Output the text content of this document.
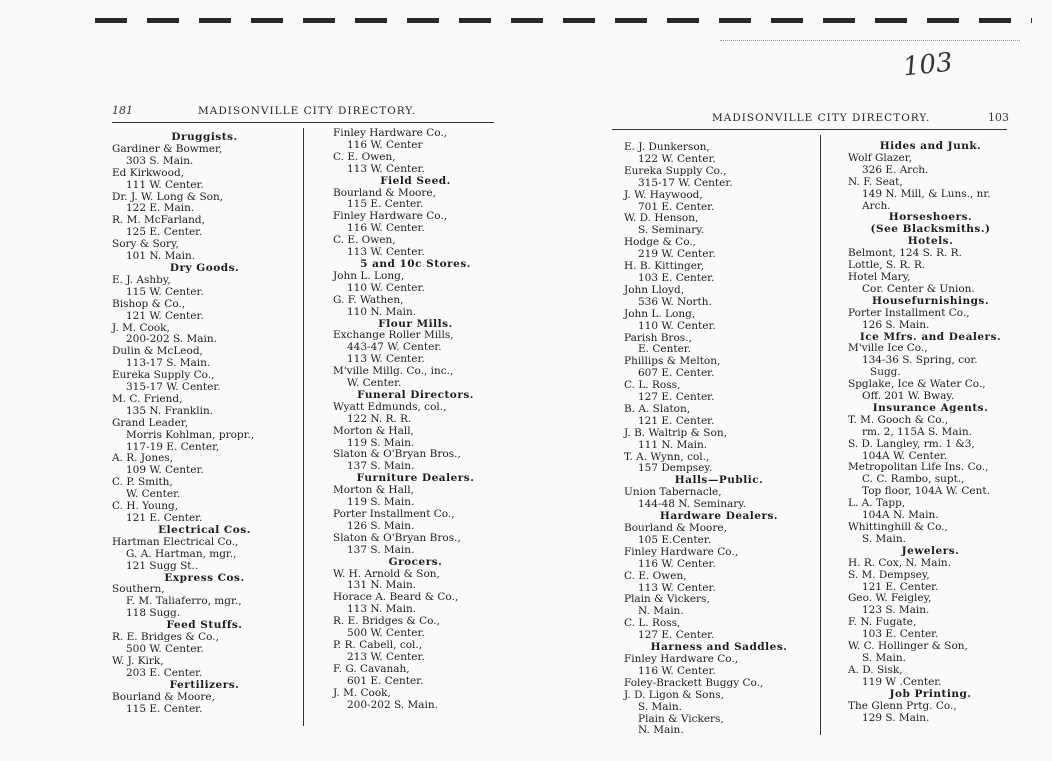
103
181	MADISONVILLE CITY DIRECTORY.
Druggists.
Gardiner & Bowmer,
303 S. Main.
Ed Kirkwood,
111 W. Center.
Dr. J. W. Long & Son,
122 E. Main.
R. M. McFarland,
125 E. Center.
Sory & Sory,
101 N. Main.
Dry Goods.
E. J. Ashby,
115 W. Center.
Bishop & Co.,
121 W. Center.
J. M. Cook,
200-202 S. Main.
Dulin & McLeod,
113-17 S. Main.
Eureka Supply Co.,
315-17 W. Center.
M. C. Friend,
135 N. Franklin.
Grand Leader,
Morris Kohlman, propr.,
117-19 E. Center,
A. R. Jones,
109 W. Center.
C. P. Smith,
W. Center.
C. H. Young,
121 E. Center.
Electrical Cos.
Hartman Electrical Co.,
G. A. Hartman, mgr.,
121 Sugg St..
Express Cos.
Southern,
F. M. Taliaferro, mgr.,
118 Sugg.
Feed Stuffs.
R. E. Bridges & Co.,
500 W. Center.
W. J. Kirk,
203 E. Center.
Fertilizers.
Bourland & Moore,
115 E. Center.
Finley Hardware Co.,
116 W. Center
C. E. Owen,
113 W. Center.
Field Seed.
Bourland & Moore,
115 E. Center.
Finley Hardware Co.,
116 W. Center.
C. E. Owen,
113 W. Center.
5 and 10c Stores.
John L. Long,
110 W. Center.
G. F. Wathen,
110 N. Main.
Flour Mills.
Exchange Roller Mills,
443-47 W. Center.
113 W. Center.
M'ville Millg. Co., inc.,
W. Center.
Funeral Directors.
Wyatt Edmunds, col.,
122 N. R. R.
Morton & Hall,
119 S. Main.
Slaton & O'Bryan Bros.,
137 S. Main.
Furniture Dealers.
Morton & Hall,
119 S. Main.
Porter Installment Co.,
126 S. Main.
Slaton & O'Bryan Bros.,
137 S. Main.
Grocers.
W. H. Arnold & Son,
131 N. Main.
Horace A. Beard & Co.,
113 N. Main.
R. E. Bridges & Co.,
500 W. Center.
P. R. Cabell, col.,
213 W. Center.
F. G. Cavanah,
601 E. Center.
J. M. Cook,
200-202 S. Main.
MADISONVILLE CITY DIRECTORY.	103
E. J. Dunkerson,
122 W. Center.
Eureka Supply Co.,
315-17 W. Center.
J. W. Haywood,
701 E. Center.
W. D. Henson,
S. Seminary.
Hodge & Co.,
219 W. Center.
H. B. Kittinger,
103 E. Center.
John Lloyd,
536 W. North.
John L. Long,
110 W. Center.
Parish Bros.,
E. Center.
Phillips & Melton,
607 E. Center.
C. L. Ross,
127 E. Center.
B. A. Slaton,
121 E. Center.
J. B. Waltrip & Son,
111 N. Main.
T. A. Wynn, col.,
157 Dempsey.
Halls—Public.
Union Tabernacle,
144-48 N. Seminary.
Hardware Dealers.
Bourland & Moore,
105 E.Center.
Finley Hardware Co.,
116 W. Center.
C. E. Owen,
113 W. Center.
Plain & Vickers,
N. Main.
C. L. Ross,
127 E. Center.
Harness and Saddles.
Finley Hardware Co.,
116 W. Center.
Foley-Brackett Buggy Co.,
J. D. Ligon & Sons,
S. Main.
Plain & Vickers,
N. Main.
Hides and Junk.
Wolf Glazer,
326 E. Arch.
N. F. Seat,
149 N. Mill, & Luns., nr.
Arch.
Horseshoers.
(See Blacksmiths.)
Hotels.
Belmont, 124 S. R. R.
Lottle, S. R. R.
Hotel Mary,
Cor. Center & Union.
Housefurnishings.
Porter Installment Co.,
126 S. Main.
Ice Mfrs. and Dealers.
M'ville Ice Co.,
134-36 S. Spring, cor.
Sugg.
Spglake, Ice & Water Co.,
Off. 201 W. Bway.
Insurance Agents.
T. M. Gooch & Co.,
rm. 2, 115A S. Main.
S. D. Langley, rm. 1 &3,
104A W. Center.
Metropolitan Life Ins. Co.,
C. C. Rambo, supt.,
Top floor, 104A W. Cent.
L. A. Tapp,
104A N. Main.
Whittinghill & Co.,
S. Main.
Jewelers.
H. R. Cox, N. Main.
S. M. Dempsey,
121 E. Center.
Geo. W. Feigley,
123 S. Main.
F. N. Fugate,
103 E. Center.
W. C. Hollinger & Son,
S. Main.
A. D. Sisk,
119 W .Center.
Job Printing.
The Glenn Prtg. Co.,
129 S. Main.
